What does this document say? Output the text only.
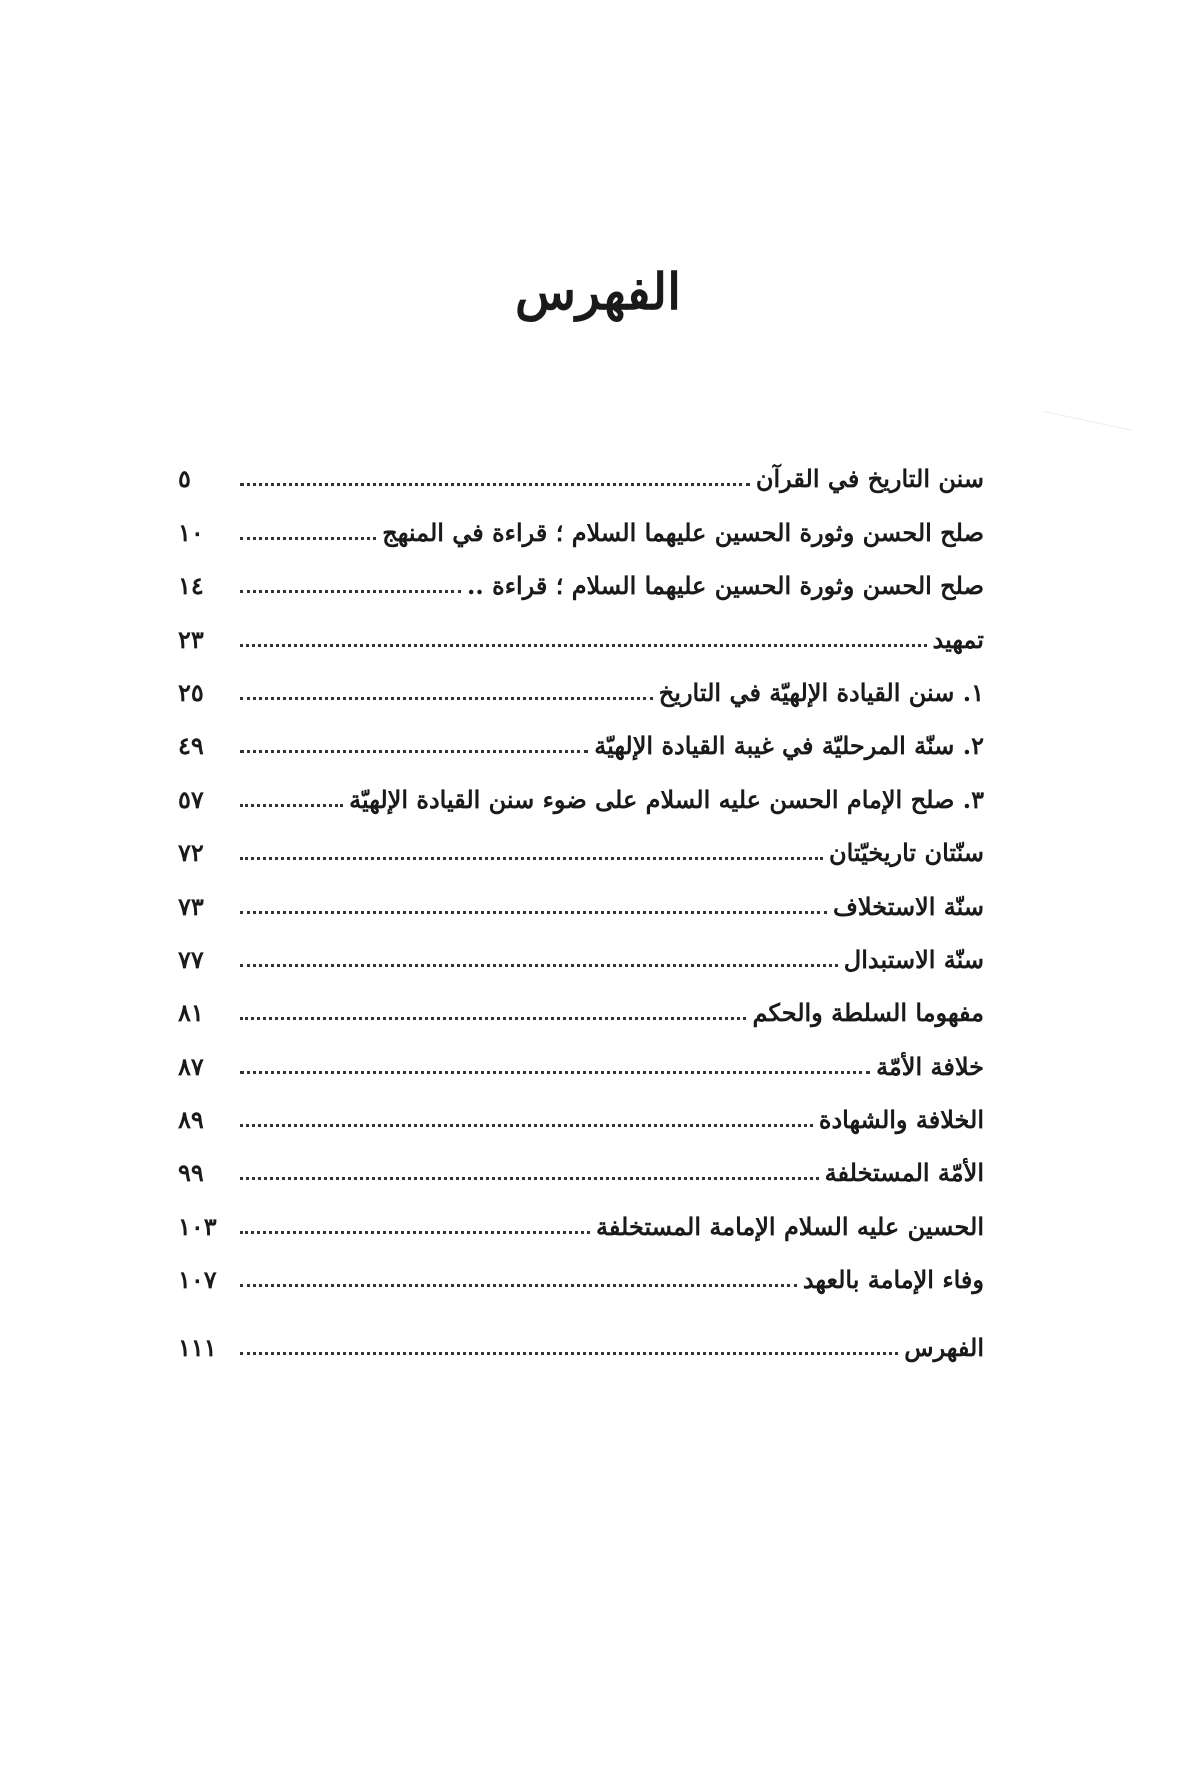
الفهرس
سنن التاريخ في القرآن
٥
صلح الحسن وثورة الحسين عليهما السلام ؛ قراءة في المنهج
١٠
صلح الحسن وثورة الحسين عليهما السلام ؛ قراءة ..
١٤
تمهيد
٢٣
١. سنن القيادة الإلهيّة في التاريخ
٢٥
٢. سنّة المرحليّة في غيبة القيادة الإلهيّة
٤٩
٣. صلح الإمام الحسن عليه السلام على ضوء سنن القيادة الإلهيّة
٥٧
سنّتان تاريخيّتان
٧٢
سنّة الاستخلاف
٧٣
سنّة الاستبدال
٧٧
مفهوما السلطة والحكم
٨١
خلافة الأمّة
٨٧
الخلافة والشهادة
٨٩
الأمّة المستخلفة
٩٩
الحسين عليه السلام الإمامة المستخلفة
١٠٣
وفاء الإمامة بالعهد
١٠٧
الفهرس
١١١
